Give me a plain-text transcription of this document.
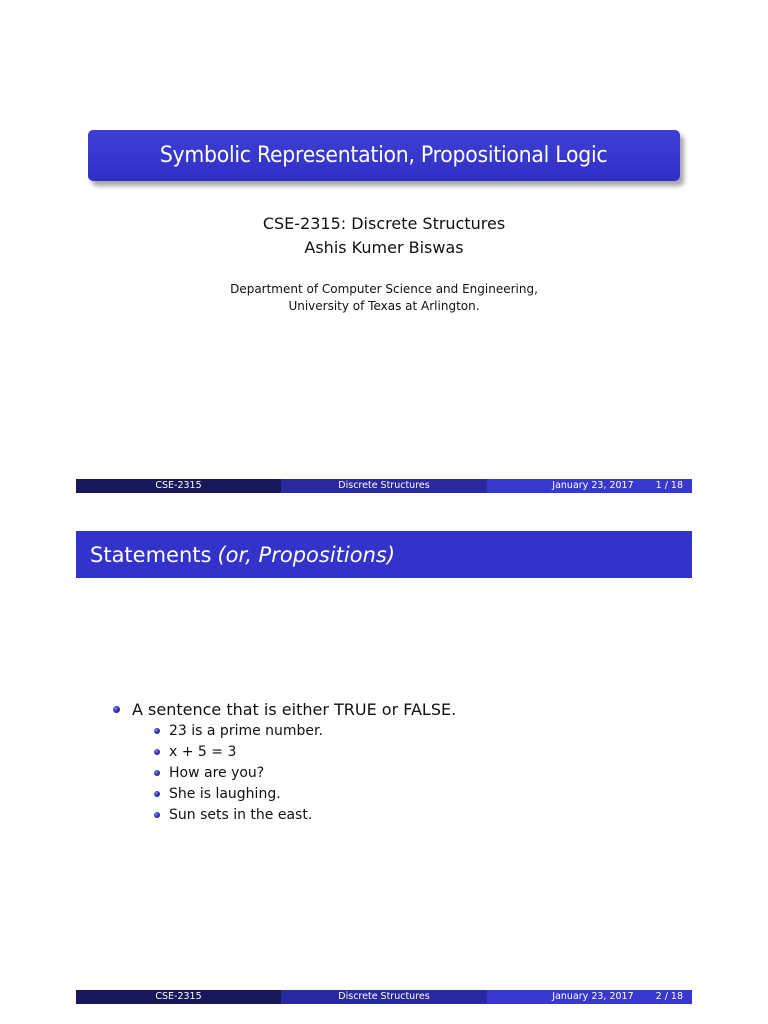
Symbolic Representation, Propositional Logic
CSE-2315: Discrete Structures
Ashis Kumer Biswas
Department of Computer Science and Engineering,
University of Texas at Arlington.
CSE-2315	Discrete Structures	January 23, 2017 1 / 18
Statements (or, Propositions)
A sentence that is either TRUE or FALSE.
23 is a prime number.
x + 5 = 3
How are you?
She is laughing.
Sun sets in the east.
CSE-2315	Discrete Structures	January 23, 2017 2 / 18
